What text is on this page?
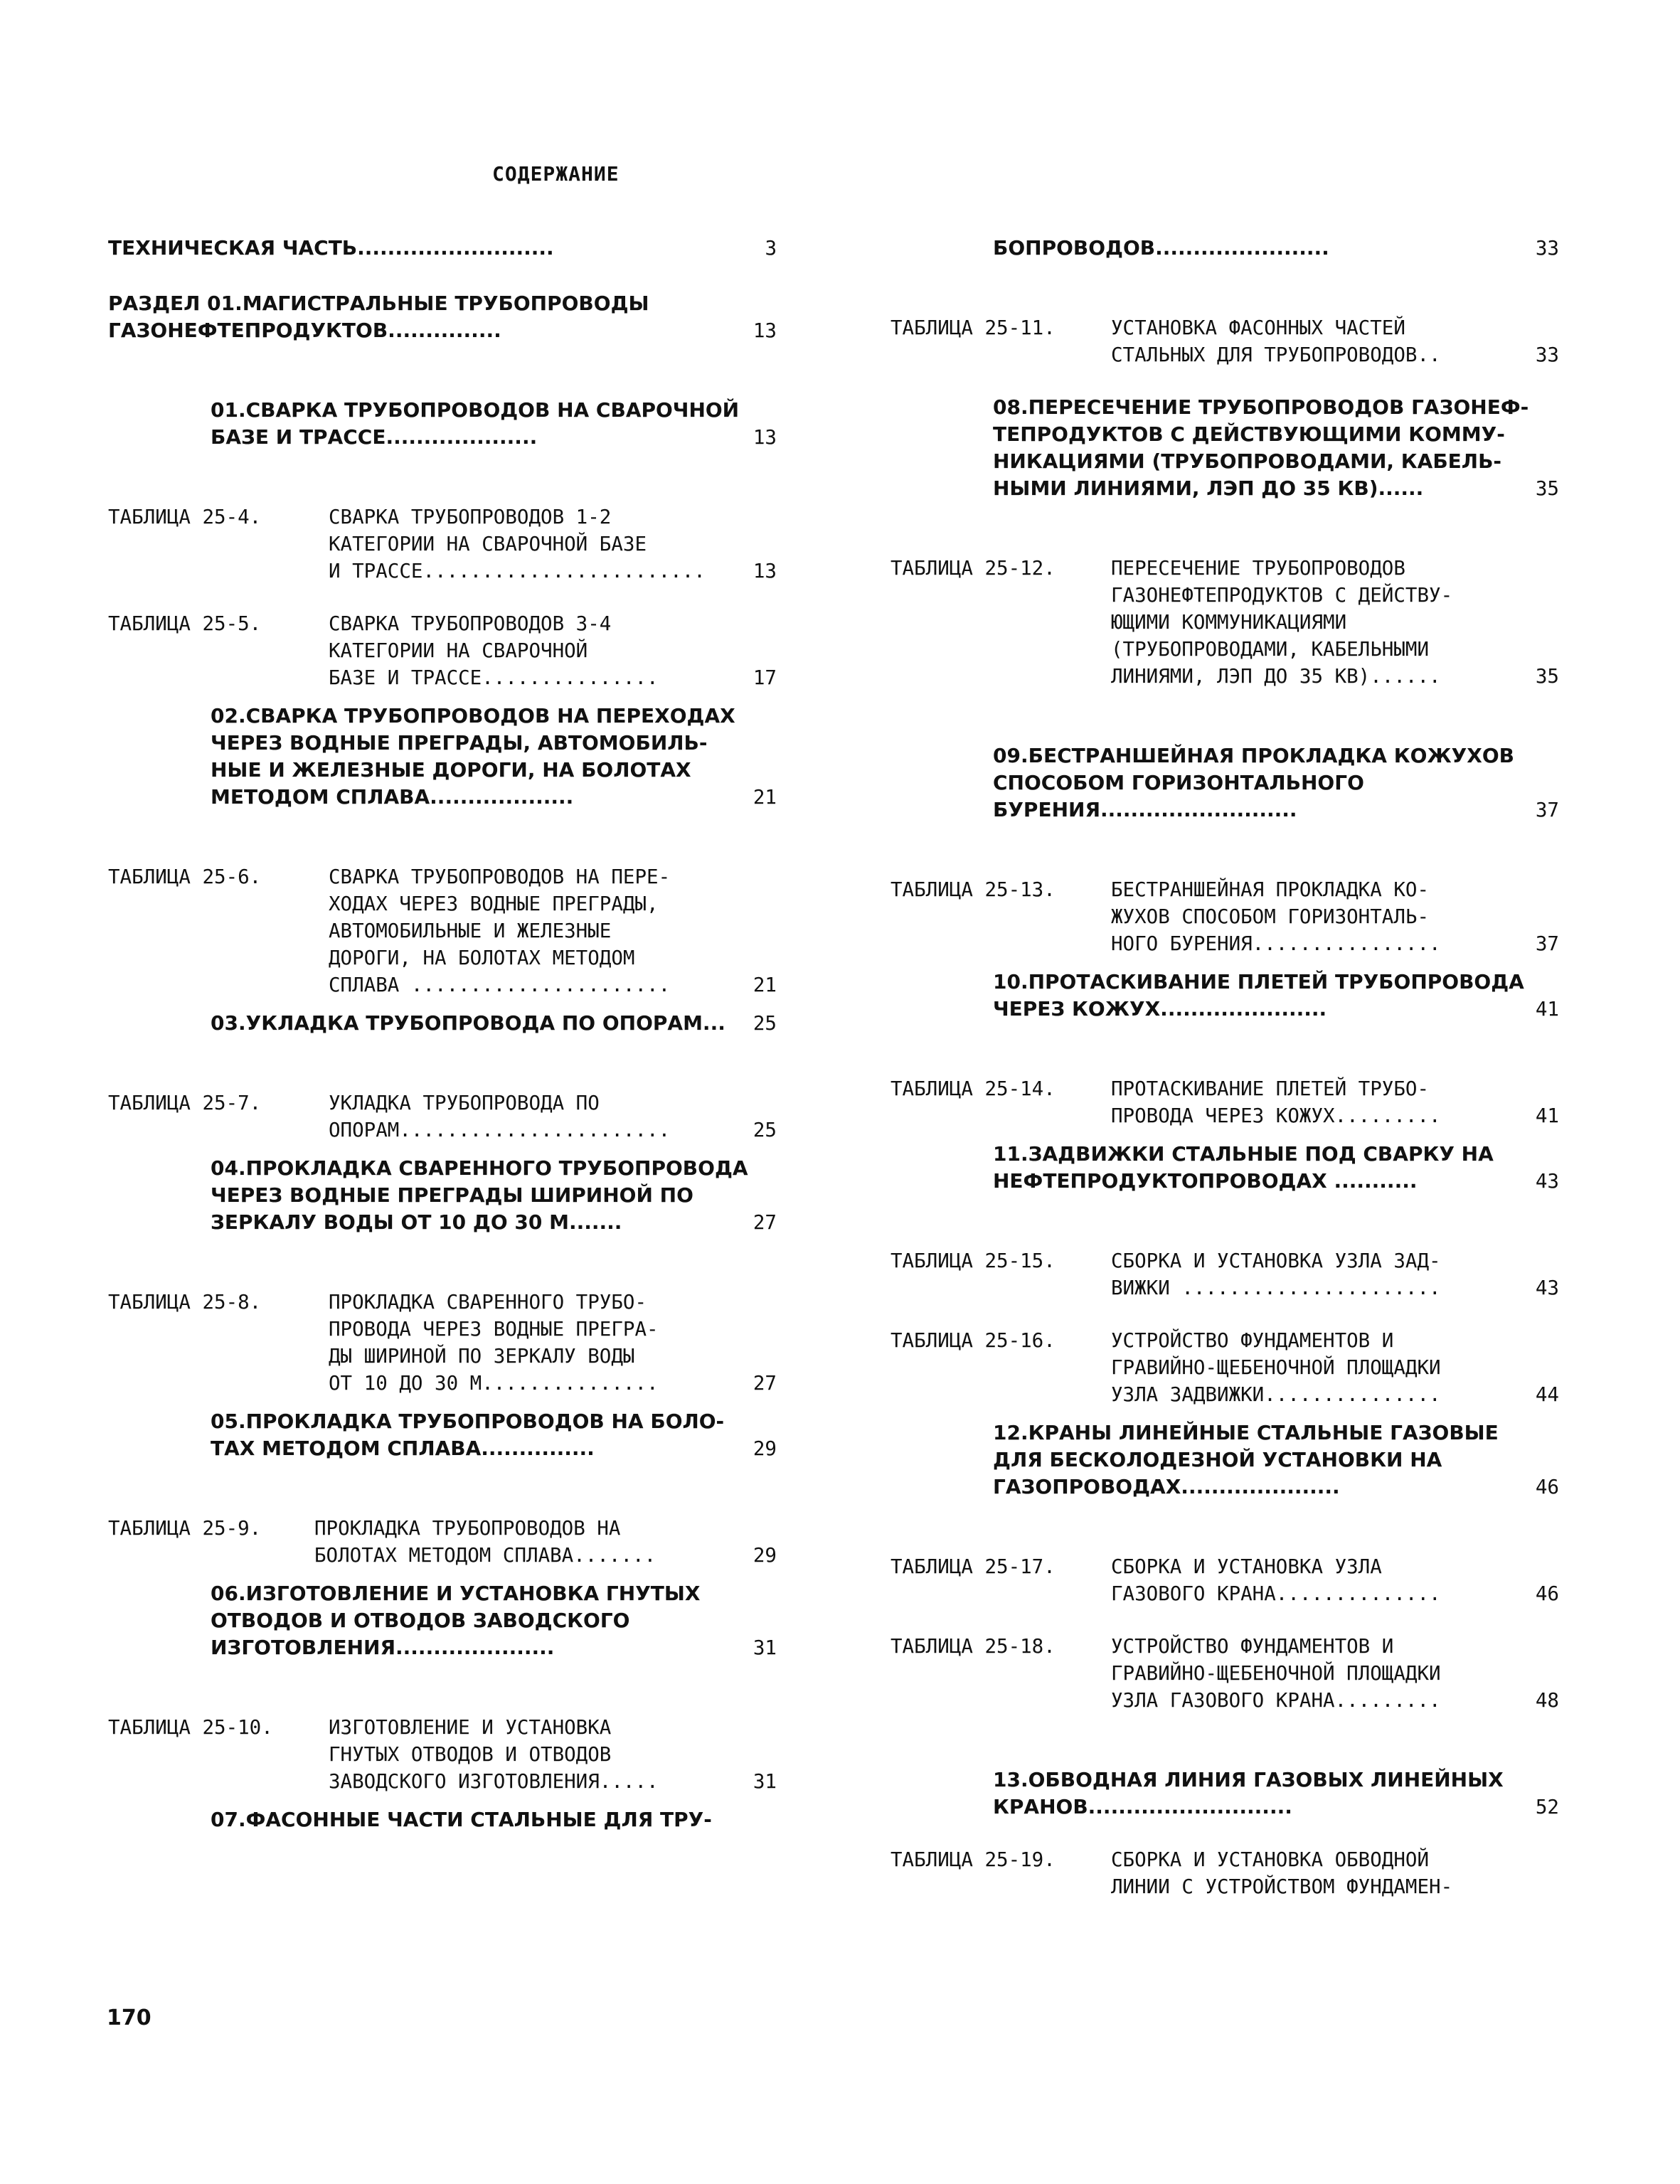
СОДЕРЖАНИЕ
ТЕХНИЧЕСКАЯ ЧАСТЬ..........................	3
РАЗДЕЛ 01.МАГИСТРАЛЬНЫЕ ТРУБОПРОВОДЫ
ГАЗОНЕФТЕПРОДУКТОВ...............	13
01.СВАРКА ТРУБОПРОВОДОВ НА СВАРОЧНОЙ
БАЗЕ И ТРАССЕ....................	13
ТАБЛИЦА 25-4.	СВАРКА ТРУБОПРОВОДОВ 1-2
КАТЕГОРИИ НА СВАРОЧНОЙ БАЗЕ
И ТРАССЕ........................	13
ТАБЛИЦА 25-5.	СВАРКА ТРУБОПРОВОДОВ 3-4
КАТЕГОРИИ НА СВАРОЧНОЙ
БАЗЕ И ТРАССЕ...............	17
02.СВАРКА ТРУБОПРОВОДОВ НА ПЕРЕХОДАХ
ЧЕРЕЗ ВОДНЫЕ ПРЕГРАДЫ, АВТОМОБИЛЬ-
НЫЕ И ЖЕЛЕЗНЫЕ ДОРОГИ, НА БОЛОТАХ
МЕТОДОМ СПЛАВА...................	21
ТАБЛИЦА 25-6.	СВАРКА ТРУБОПРОВОДОВ НА ПЕРЕ-
ХОДАХ ЧЕРЕЗ ВОДНЫЕ ПРЕГРАДЫ,
АВТОМОБИЛЬНЫЕ И ЖЕЛЕЗНЫЕ
ДОРОГИ, НА БОЛОТАХ МЕТОДОМ
СПЛАВА ......................	21
03.УКЛАДКА ТРУБОПРОВОДА ПО ОПОРАМ...	25
ТАБЛИЦА 25-7.	УКЛАДКА ТРУБОПРОВОДА ПО
ОПОРАМ.......................	25
04.ПРОКЛАДКА СВАРЕННОГО ТРУБОПРОВОДА
ЧЕРЕЗ ВОДНЫЕ ПРЕГРАДЫ ШИРИНОЙ ПО
ЗЕРКАЛУ ВОДЫ ОТ 10 ДО 30 М.......	27
ТАБЛИЦА 25-8.	ПРОКЛАДКА СВАРЕННОГО ТРУБО-
ПРОВОДА ЧЕРЕЗ ВОДНЫЕ ПРЕГРА-
ДЫ ШИРИНОЙ ПО ЗЕРКАЛУ ВОДЫ
ОТ 10 ДО 30 М...............	27
05.ПРОКЛАДКА ТРУБОПРОВОДОВ НА БОЛО-
ТАХ МЕТОДОМ СПЛАВА...............	29
ТАБЛИЦА 25-9.	ПРОКЛАДКА ТРУБОПРОВОДОВ НА
БОЛОТАХ МЕТОДОМ СПЛАВА.......	29
06.ИЗГОТОВЛЕНИЕ И УСТАНОВКА ГНУТЫХ
ОТВОДОВ И ОТВОДОВ ЗАВОДСКОГО
ИЗГОТОВЛЕНИЯ.....................	31
ТАБЛИЦА 25-10.	ИЗГОТОВЛЕНИЕ И УСТАНОВКА
ГНУТЫХ ОТВОДОВ И ОТВОДОВ
ЗАВОДСКОГО ИЗГОТОВЛЕНИЯ.....	31
07.ФАСОННЫЕ ЧАСТИ СТАЛЬНЫЕ ДЛЯ ТРУ-
БОПРОВОДОВ.......................	33
ТАБЛИЦА 25-11.	УСТАНОВКА ФАСОННЫХ ЧАСТЕЙ
СТАЛЬНЫХ ДЛЯ ТРУБОПРОВОДОВ..	33
08.ПЕРЕСЕЧЕНИЕ ТРУБОПРОВОДОВ ГАЗОНЕФ-
ТЕПРОДУКТОВ С ДЕЙСТВУЮЩИМИ КОММУ-
НИКАЦИЯМИ (ТРУБОПРОВОДАМИ, КАБЕЛЬ-
НЫМИ ЛИНИЯМИ, ЛЭП ДО 35 КВ)......	35
ТАБЛИЦА 25-12.	ПЕРЕСЕЧЕНИЕ ТРУБОПРОВОДОВ
ГАЗОНЕФТЕПРОДУКТОВ С ДЕЙСТВУ-
ЮЩИМИ КОММУНИКАЦИЯМИ
(ТРУБОПРОВОДАМИ, КАБЕЛЬНЫМИ
ЛИНИЯМИ, ЛЭП ДО 35 КВ)......	35
09.БЕСТРАНШЕЙНАЯ ПРОКЛАДКА КОЖУХОВ
СПОСОБОМ ГОРИЗОНТАЛЬНОГО
БУРЕНИЯ..........................	37
ТАБЛИЦА 25-13.	БЕСТРАНШЕЙНАЯ ПРОКЛАДКА КО-
ЖУХОВ СПОСОБОМ ГОРИЗОНТАЛЬ-
НОГО БУРЕНИЯ................	37
10.ПРОТАСКИВАНИЕ ПЛЕТЕЙ ТРУБОПРОВОДА
ЧЕРЕЗ КОЖУХ......................	41
ТАБЛИЦА 25-14.	ПРОТАСКИВАНИЕ ПЛЕТЕЙ ТРУБО-
ПРОВОДА ЧЕРЕЗ КОЖУХ.........	41
11.ЗАДВИЖКИ СТАЛЬНЫЕ ПОД СВАРКУ НА
НЕФТЕПРОДУКТОПРОВОДАХ ...........	43
ТАБЛИЦА 25-15.	СБОРКА И УСТАНОВКА УЗЛА ЗАД-
ВИЖКИ ......................	43
ТАБЛИЦА 25-16.	УСТРОЙСТВО ФУНДАМЕНТОВ И
ГРАВИЙНО-ЩЕБЕНОЧНОЙ ПЛОЩАДКИ
УЗЛА ЗАДВИЖКИ...............	44
12.КРАНЫ ЛИНЕЙНЫЕ СТАЛЬНЫЕ ГАЗОВЫЕ
ДЛЯ БЕСКОЛОДЕЗНОЙ УСТАНОВКИ НА
ГАЗОПРОВОДАХ.....................	46
ТАБЛИЦА 25-17.	СБОРКА И УСТАНОВКА УЗЛА
ГАЗОВОГО КРАНА..............	46
ТАБЛИЦА 25-18.	УСТРОЙСТВО ФУНДАМЕНТОВ И
ГРАВИЙНО-ЩЕБЕНОЧНОЙ ПЛОЩАДКИ
УЗЛА ГАЗОВОГО КРАНА.........	48
13.ОБВОДНАЯ ЛИНИЯ ГАЗОВЫХ ЛИНЕЙНЫХ
КРАНОВ...........................	52
ТАБЛИЦА 25-19.	СБОРКА И УСТАНОВКА ОБВОДНОЙ
ЛИНИИ С УСТРОЙСТВОМ ФУНДАМЕН-
170
